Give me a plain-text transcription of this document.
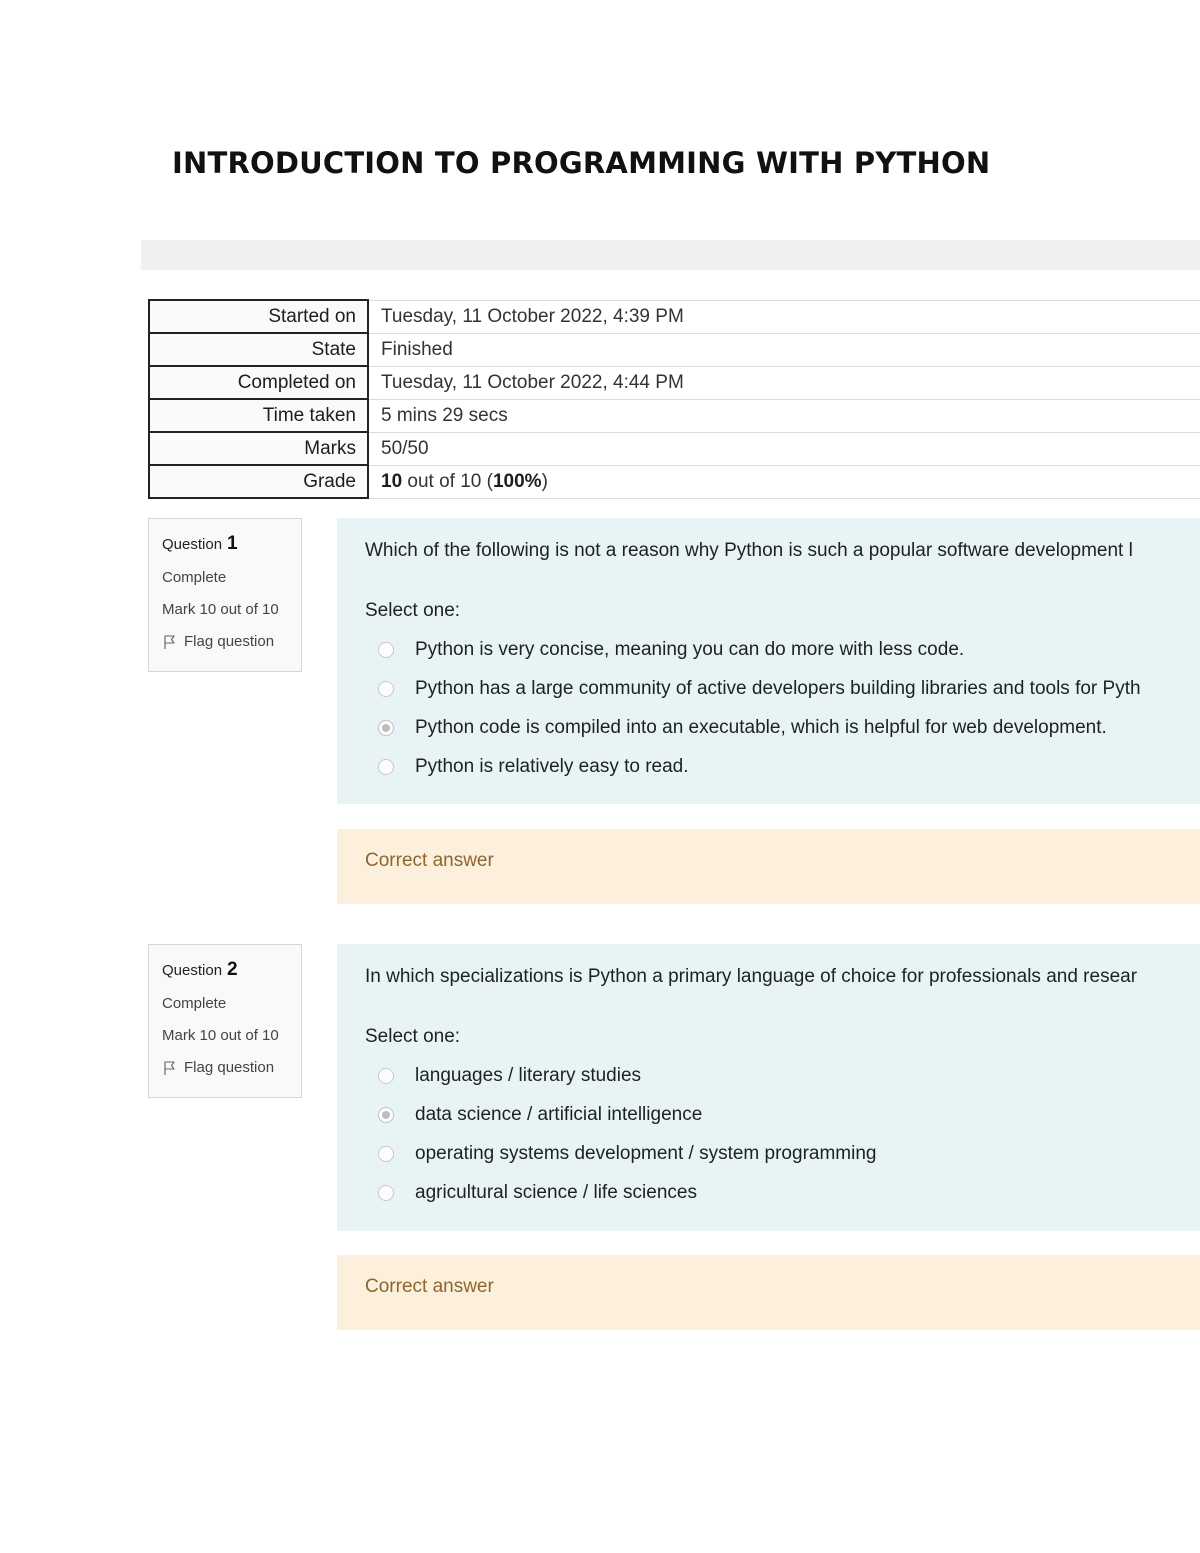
INTRODUCTION TO PROGRAMMING WITH PYTHON
Started on	Tuesday, 11 October 2022, 4:39 PM
State	Finished
Completed on	Tuesday, 11 October 2022, 4:44 PM
Time taken	5 mins 29 secs
Marks	50/50
Grade	10 out of 10 (100%)
Question 1
Complete
Mark 10 out of 10
Flag question
Which of the following is not a reason why Python is such a popular software development l
Select one:
Python is very concise, meaning you can do more with less code.
Python has a large community of active developers building libraries and tools for Pyth
Python code is compiled into an executable, which is helpful for web development.
Python is relatively easy to read.
Correct answer
Question 2
Complete
Mark 10 out of 10
Flag question
In which specializations is Python a primary language of choice for professionals and resear
Select one:
languages / literary studies
data science / artificial intelligence
operating systems development / system programming
agricultural science / life sciences
Correct answer
